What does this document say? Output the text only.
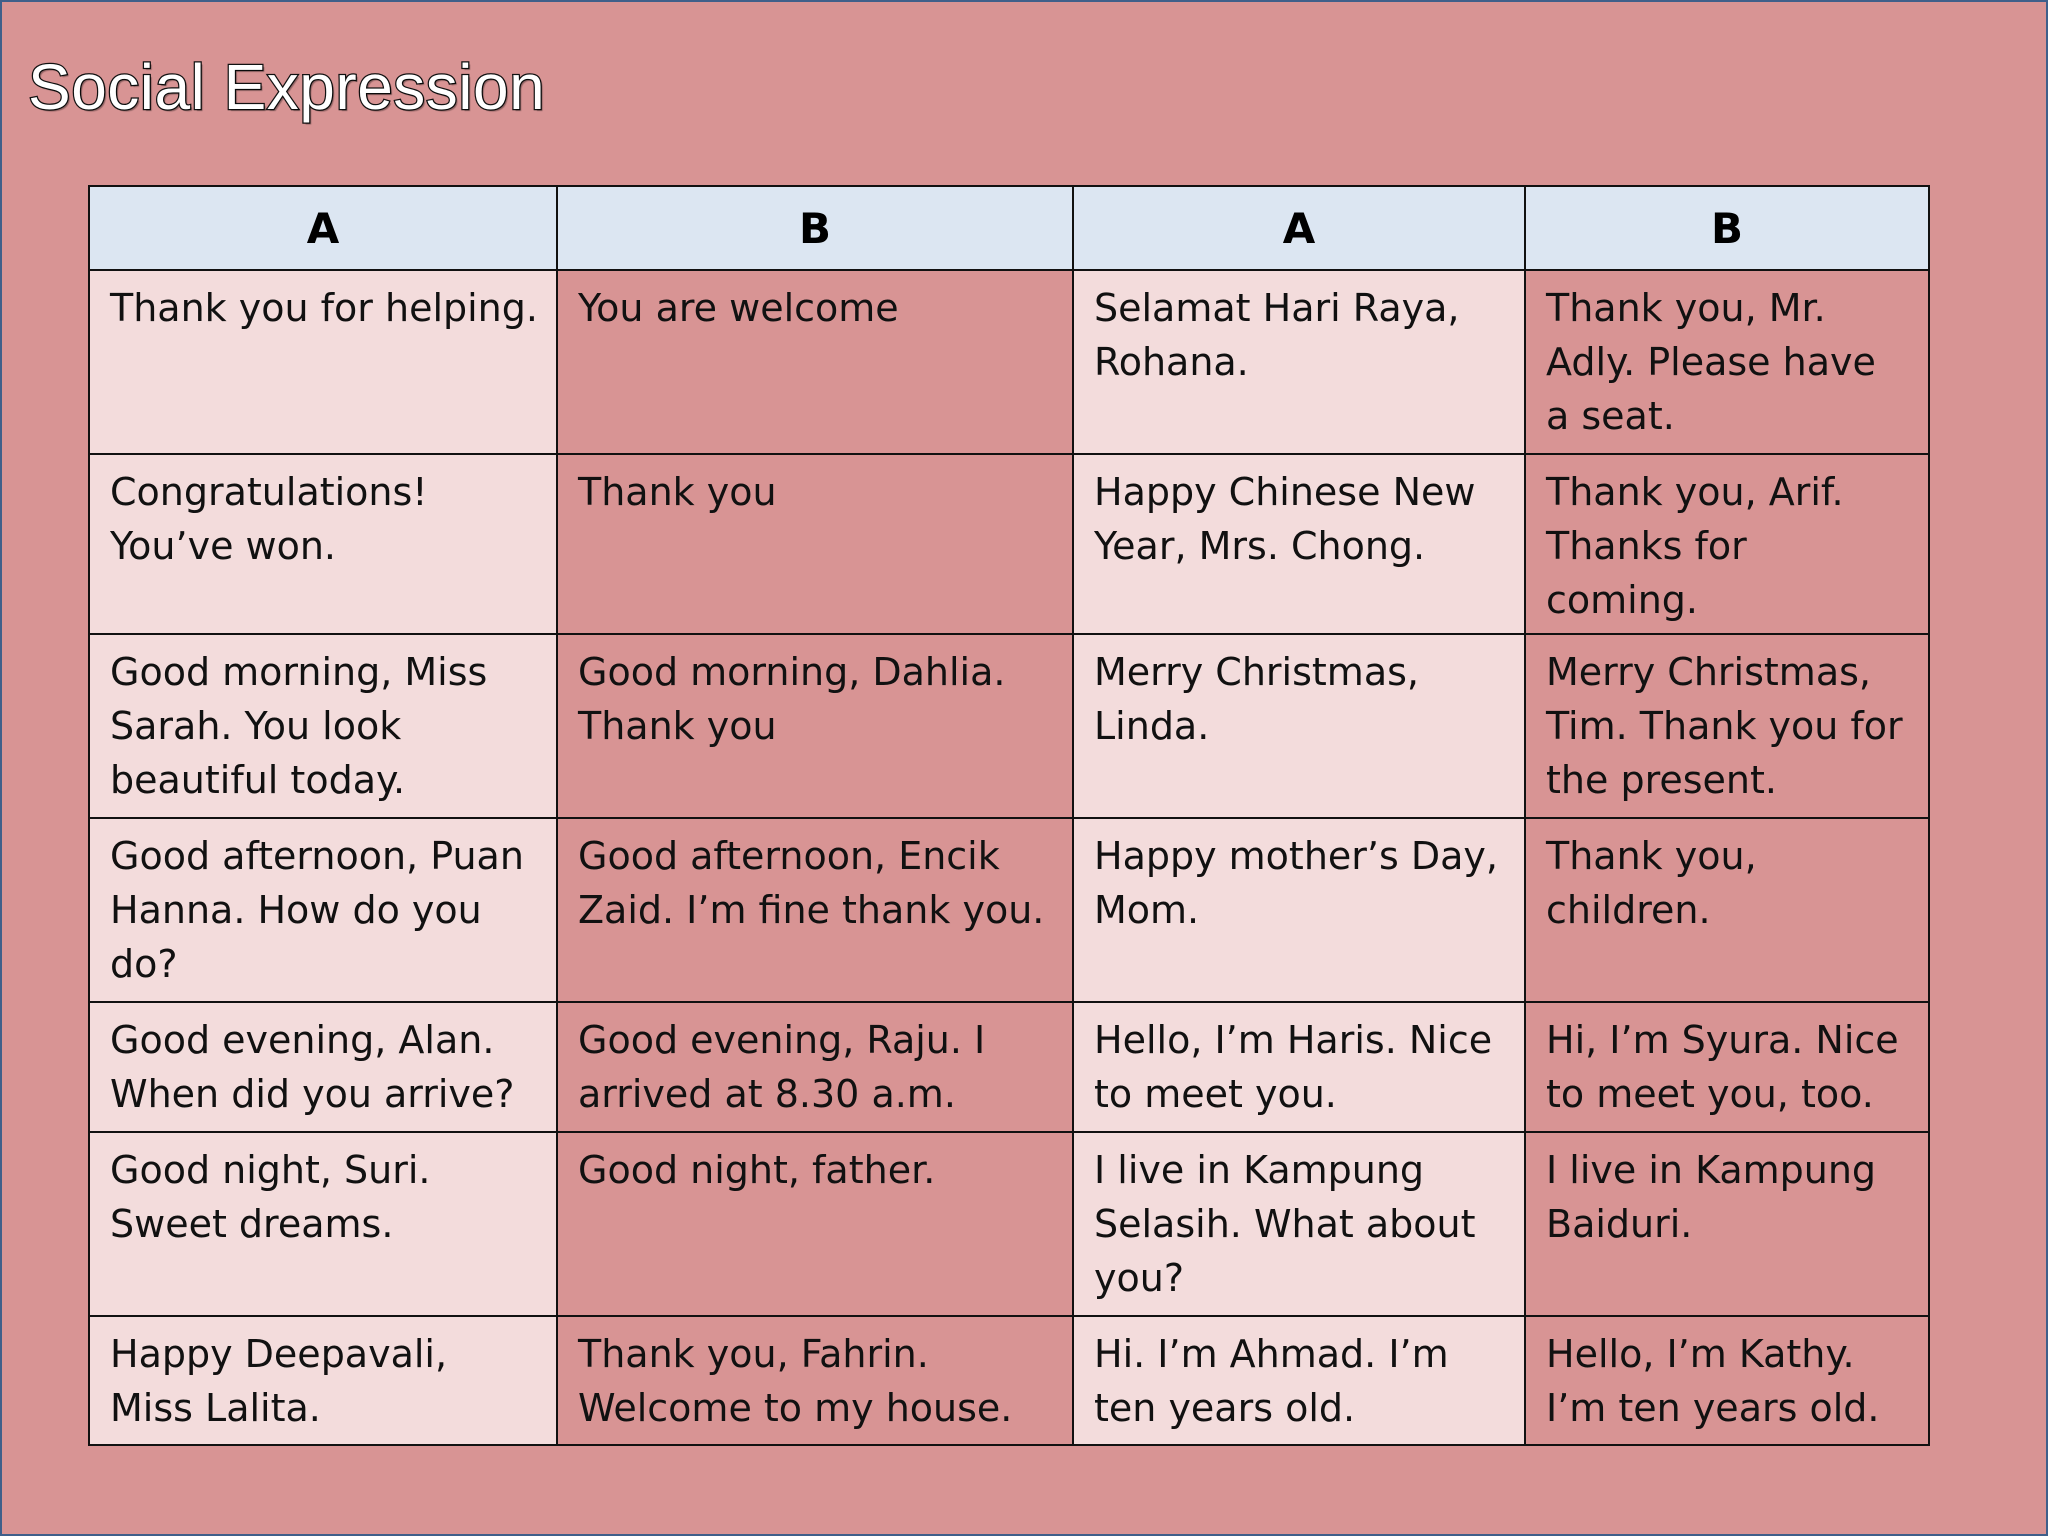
Social Expression
A	B	A	B
Thank you for helping.	You are welcome	Selamat Hari Raya, Rohana.	Thank you, Mr. Adly. Please have a seat.
Congratulations! You’ve won.	Thank you	Happy Chinese New Year, Mrs. Chong.	Thank you, Arif. Thanks for coming.
Good morning, Miss Sarah. You look beautiful today.	Good morning, Dahlia. Thank you	Merry Christmas, Linda.	Merry Christmas, Tim. Thank you for the present.
Good afternoon, Puan Hanna. How do you do?	Good afternoon, Encik Zaid. I’m fine thank you.	Happy mother’s Day, Mom.	Thank you, children.
Good evening, Alan. When did you arrive?	Good evening, Raju. I arrived at 8.30 a.m.	Hello, I’m Haris. Nice to meet you.	Hi, I’m Syura. Nice to meet you, too.
Good night, Suri. Sweet dreams.	Good night, father.	I live in Kampung Selasih. What about you?	I live in Kampung Baiduri.
Happy Deepavali, Miss Lalita.	Thank you, Fahrin. Welcome to my house.	Hi. I’m Ahmad. I’m ten years old.	Hello, I’m Kathy. I’m ten years old.
